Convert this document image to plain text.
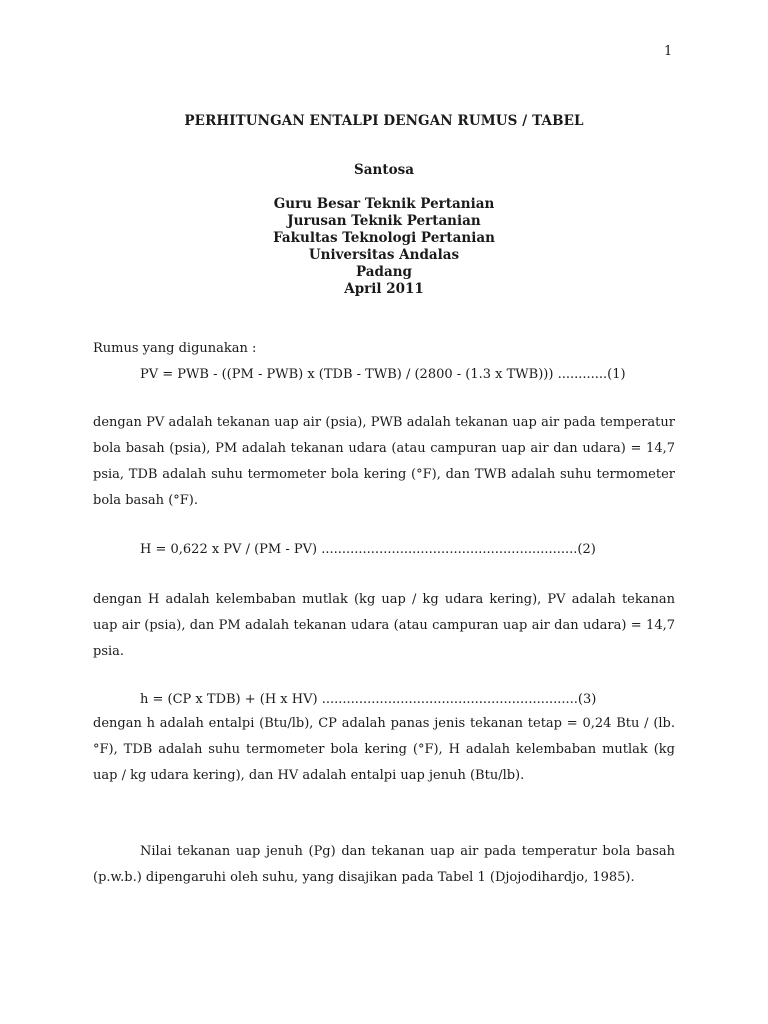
1
PERHITUNGAN ENTALPI DENGAN RUMUS / TABEL
Santosa
Guru Besar Teknik Pertanian
Jurusan Teknik Pertanian
Fakultas Teknologi Pertanian
Universitas Andalas
Padang
April 2011
Rumus yang digunakan :
PV = PWB - ((PM - PWB) x (TDB - TWB) / (2800 - (1.3 x TWB))) ............(1)
dengan PV adalah tekanan uap air (psia), PWB adalah tekanan uap air pada temperatur bola basah (psia), PM adalah tekanan udara (atau campuran uap air dan udara) = 14,7 psia, TDB adalah suhu termometer bola kering (°F), dan TWB adalah suhu termometer bola basah (°F).
H = 0,622 x PV / (PM - PV) ..............................................................(2)
dengan H adalah kelembaban mutlak (kg uap / kg udara kering), PV adalah tekanan uap air (psia), dan PM adalah tekanan udara (atau campuran uap air dan udara) = 14,7 psia.
h = (CP x TDB) + (H x HV) ..............................................................(3)
dengan h adalah entalpi (Btu/lb), CP adalah panas jenis tekanan tetap = 0,24 Btu / (lb.°F), TDB adalah suhu termometer bola kering (°F), H adalah kelembaban mutlak (kg uap / kg udara kering), dan HV adalah entalpi uap jenuh (Btu/lb).
Nilai tekanan uap jenuh (Pg) dan tekanan uap air pada temperatur bola basah (p.w.b.) dipengaruhi oleh suhu, yang disajikan pada Tabel 1 (Djojodihardjo, 1985).
